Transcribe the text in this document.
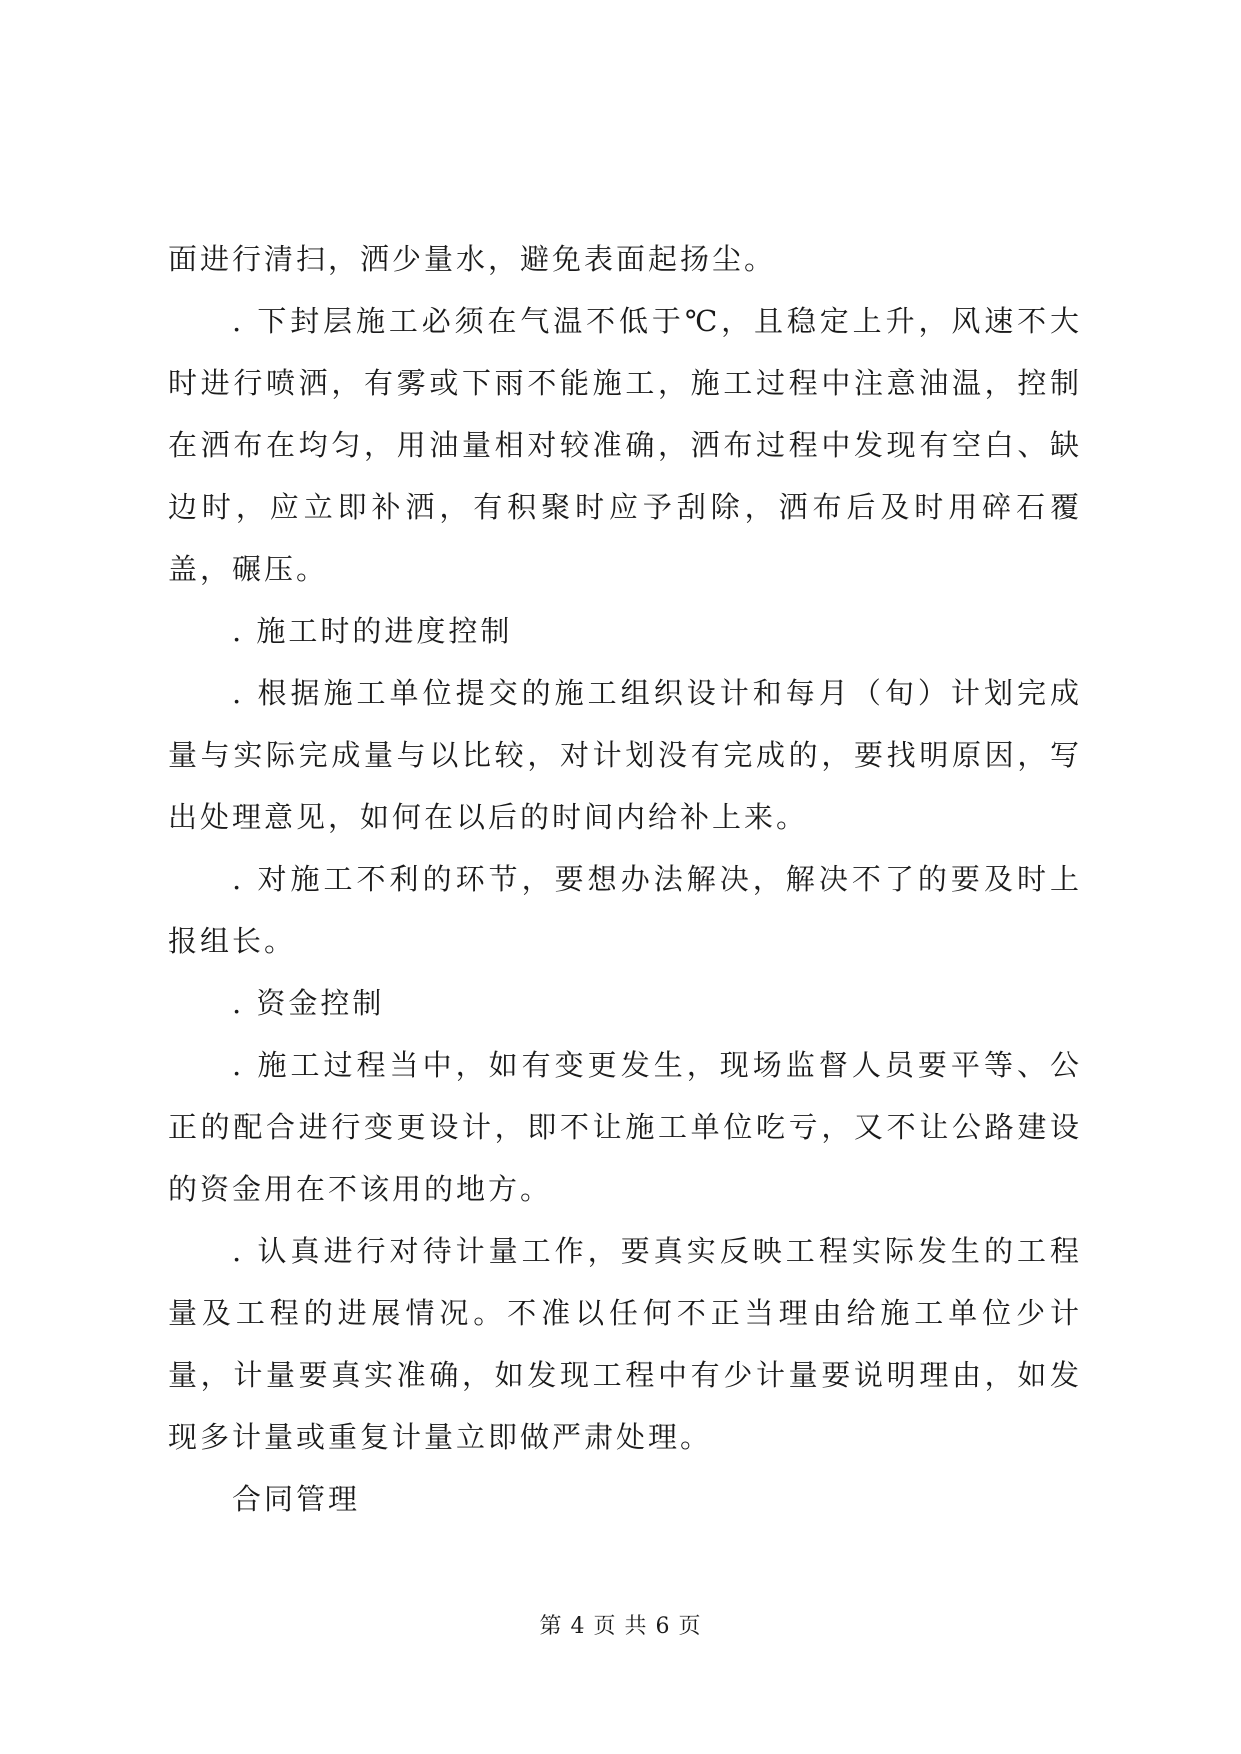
面进行清扫，洒少量水，避免表面起扬尘。

. 下封层施工必须在气温不低于℃，且稳定上升，风速不大时进行喷洒，有雾或下雨不能施工，施工过程中注意油温，控制在洒布在均匀，用油量相对较准确，洒布过程中发现有空白、缺边时，应立即补洒，有积聚时应予刮除，洒布后及时用碎石覆盖，碾压。

. 施工时的进度控制

. 根据施工单位提交的施工组织设计和每月（旬）计划完成量与实际完成量与以比较，对计划没有完成的，要找明原因，写出处理意见，如何在以后的时间内给补上来。

. 对施工不利的环节，要想办法解决，解决不了的要及时上报组长。

. 资金控制

. 施工过程当中，如有变更发生，现场监督人员要平等、公正的配合进行变更设计，即不让施工单位吃亏，又不让公路建设的资金用在不该用的地方。

. 认真进行对待计量工作，要真实反映工程实际发生的工程量及工程的进展情况。不准以任何不正当理由给施工单位少计量，计量要真实准确，如发现工程中有少计量要说明理由，如发现多计量或重复计量立即做严肃处理。

合同管理

第 4 页 共 6 页
